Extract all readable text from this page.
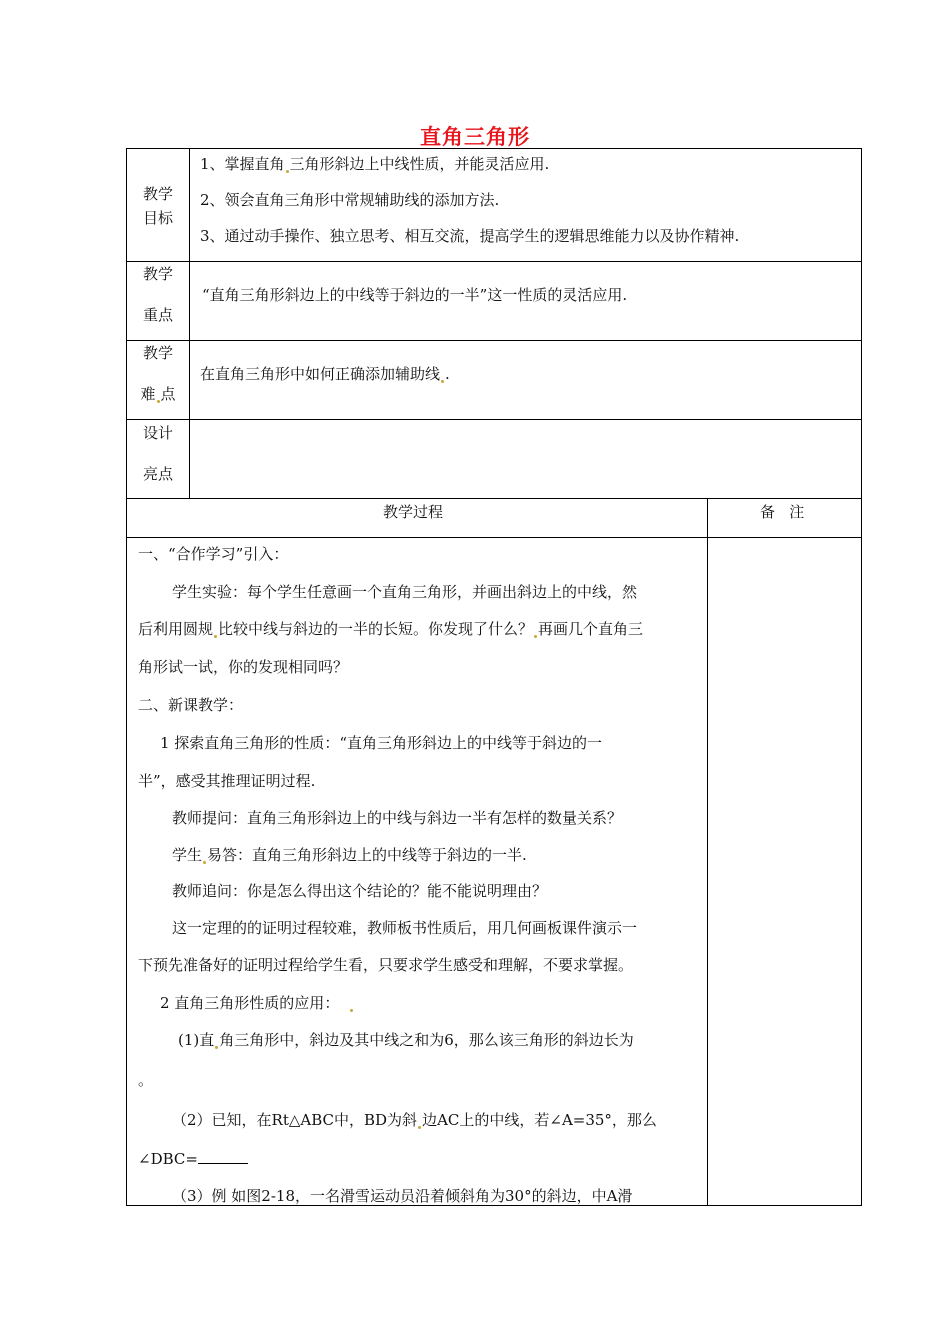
直角三角形
教学
目标
1、掌握直角 三角形斜边上中线性质，并能灵活应用.
2、领会直角三角形中常规辅助线的添加方法.
3、通过动手操作、独立思考、相互交流，提高学生的逻辑思维能力以及协作精神.
教学
重点
“直角三角形斜边上的中线等于斜边的一半”这一性质的灵活应用.
教学
难 点
在直角三角形中如何正确添加辅助线 .
设计
亮点
教学过程	备   注
一、“合作学习”引入：
学生实验：每个学生任意画一个直角三角形，并画出斜边上的中线，然
后利用圆规 比较中线与斜边的一半的长短。你发现了什么？ 再画几个直角三
角形试一试，你的发现相同吗？
二、新课教学：
1 探索直角三角形的性质：“直角三角形斜边上的中线等于斜边的一
半”，感受其推理证明过程.
教师提问：直角三角形斜边上的中线与斜边一半有怎样的数量关系？
学生 易答：直角三角形斜边上的中线等于斜边的一半.
教师追问：你是怎么得出这个结论的？能不能说明理由？
这一定理的的证明过程较难，教师板书性质后，用几何画板课件演示一
下预先准备好的证明过程给学生看，只要求学生感受和理解，不要求掌握。
2 直角三角形性质的应用：
(1)直 角三角形中，斜边及其中线之和为6，那么该三角形的斜边长为
。
（2）已知，在Rt△ABC中，BD为斜 边AC上的中线，若∠A=35°，那么
∠DBC=
（3）例 如图2-18，一名滑雪运动员沿着倾斜角为30°的斜边，中A滑
